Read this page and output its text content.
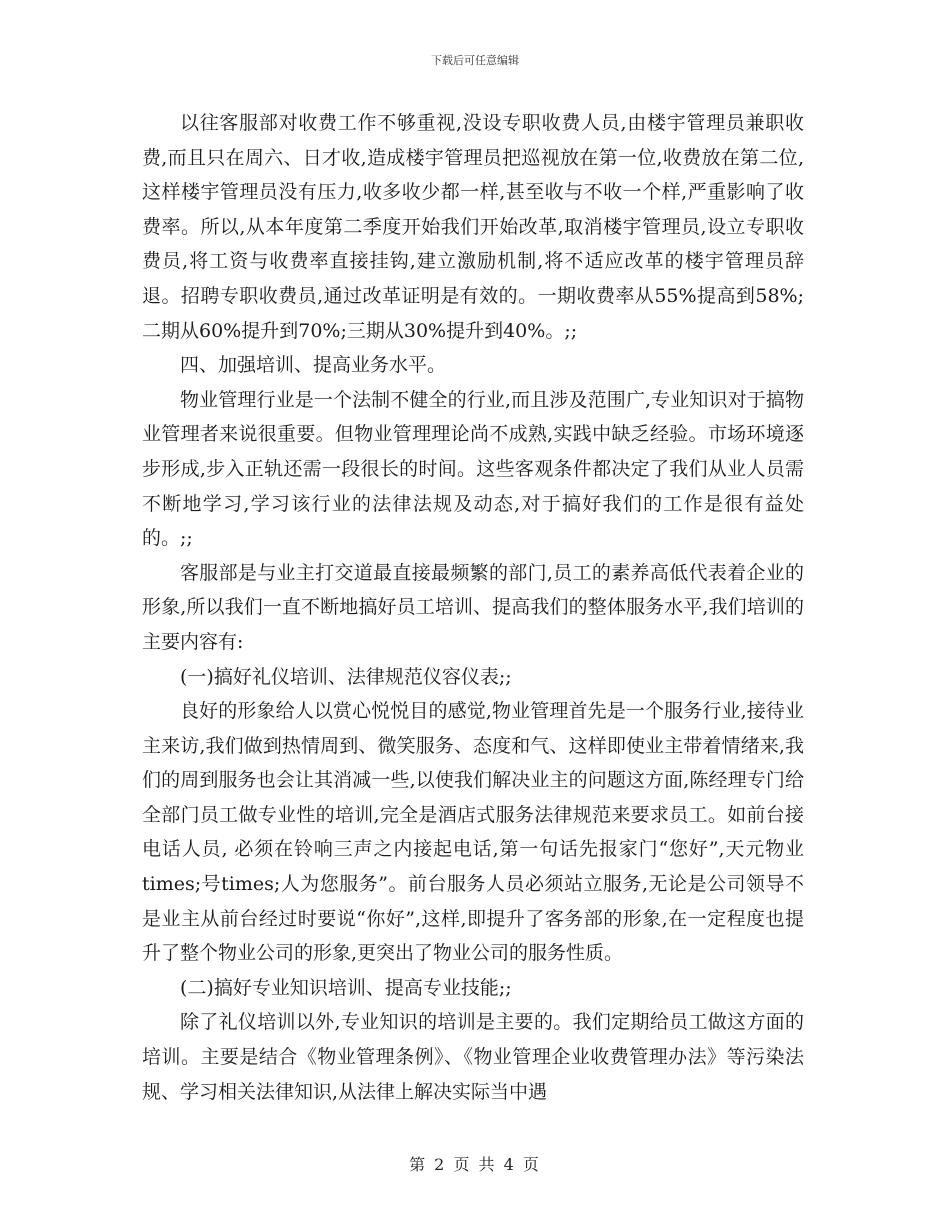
下载后可任意编辑

以往客服部对收费工作不够重视,没设专职收费人员,由楼宇管理员兼职收费,而且只在周六、日才收,造成楼宇管理员把巡视放在第一位,收费放在第二位,这样楼宇管理员没有压力,收多收少都一样,甚至收与不收一个样,严重影响了收费率。所以,从本年度第二季度开始我们开始改革,取消楼宇管理员,设立专职收费员,将工资与收费率直接挂钩,建立激励机制,将不适应改革的楼宇管理员辞退。招聘专职收费员,通过改革证明是有效的。一期收费率从55%提高到58%;二期从60%提升到70%;三期从30%提升到40%。;;

四、加强培训、提高业务水平。

物业管理行业是一个法制不健全的行业,而且涉及范围广,专业知识对于搞物业管理者来说很重要。但物业管理理论尚不成熟,实践中缺乏经验。市场环境逐步形成,步入正轨还需一段很长的时间。这些客观条件都决定了我们从业人员需不断地学习,学习该行业的法律法规及动态,对于搞好我们的工作是很有益处的。;;

客服部是与业主打交道最直接最频繁的部门,员工的素养高低代表着企业的形象,所以我们一直不断地搞好员工培训、提高我们的整体服务水平,我们培训的主要内容有:

(一)搞好礼仪培训、法律规范仪容仪表;;

良好的形象给人以赏心悦悦目的感觉,物业管理首先是一个服务行业,接待业主来访,我们做到热情周到、微笑服务、态度和气、这样即使业主带着情绪来,我们的周到服务也会让其消减一些,以使我们解决业主的问题这方面,陈经理专门给全部门员工做专业性的培训,完全是酒店式服务法律规范来要求员工。如前台接电话人员, 必须在铃响三声之内接起电话,第一句话先报家门“您好”,天元物业times;号times;人为您服务”。前台服务人员必须站立服务,无论是公司领导不是业主从前台经过时要说“你好”,这样,即提升了客务部的形象,在一定程度也提升了整个物业公司的形象,更突出了物业公司的服务性质。

(二)搞好专业知识培训、提高专业技能;;

除了礼仪培训以外,专业知识的培训是主要的。我们定期给员工做这方面的培训。主要是结合《物业管理条例》、《物业管理企业收费管理办法》等污染法规、学习相关法律知识,从法律上解决实际当中遇

第 2 页 共 4 页
